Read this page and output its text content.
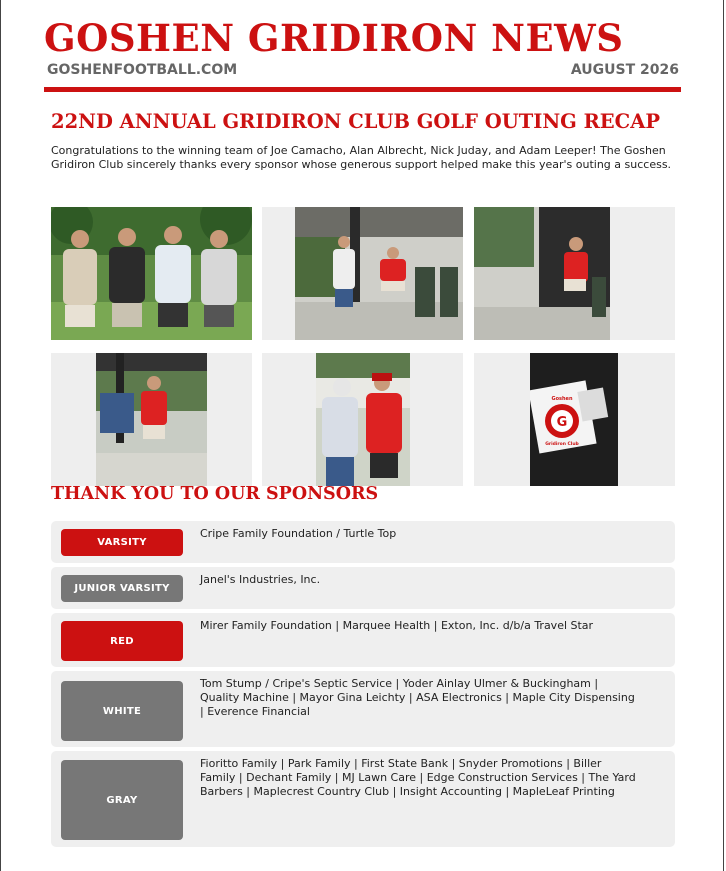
GOSHEN GRIDIRON NEWS
GOSHENFOOTBALL.COM	AUGUST 2026
22ND ANNUAL GRIDIRON CLUB GOLF OUTING RECAP

Congratulations to the winning team of Joe Camacho, Alan Albrecht, Nick Juday, and Adam Leeper! The Goshen Gridiron Club sincerely thanks every sponsor whose generous support helped make this year's outing a success.

G
Goshen
Gridiron Club
THANK YOU TO OUR SPONSORS
VARSITY

Cripe Family Foundation / Turtle Top

JUNIOR VARSITY

Janel's Industries, Inc.

RED

Mirer Family Foundation | Marquee Health | Exton, Inc. d/b/a Travel Star

WHITE

Tom Stump / Cripe's Septic Service | Yoder Ainlay Ulmer & Buckingham | Quality Machine | Mayor Gina Leichty | ASA Electronics | Maple City Dispensing | Everence Financial

GRAY

Fioritto Family | Park Family | First State Bank | Snyder Promotions | Biller Family | Dechant Family | MJ Lawn Care | Edge Construction Services | The Yard Barbers | Maplecrest Country Club | Insight Accounting | MapleLeaf Printing
